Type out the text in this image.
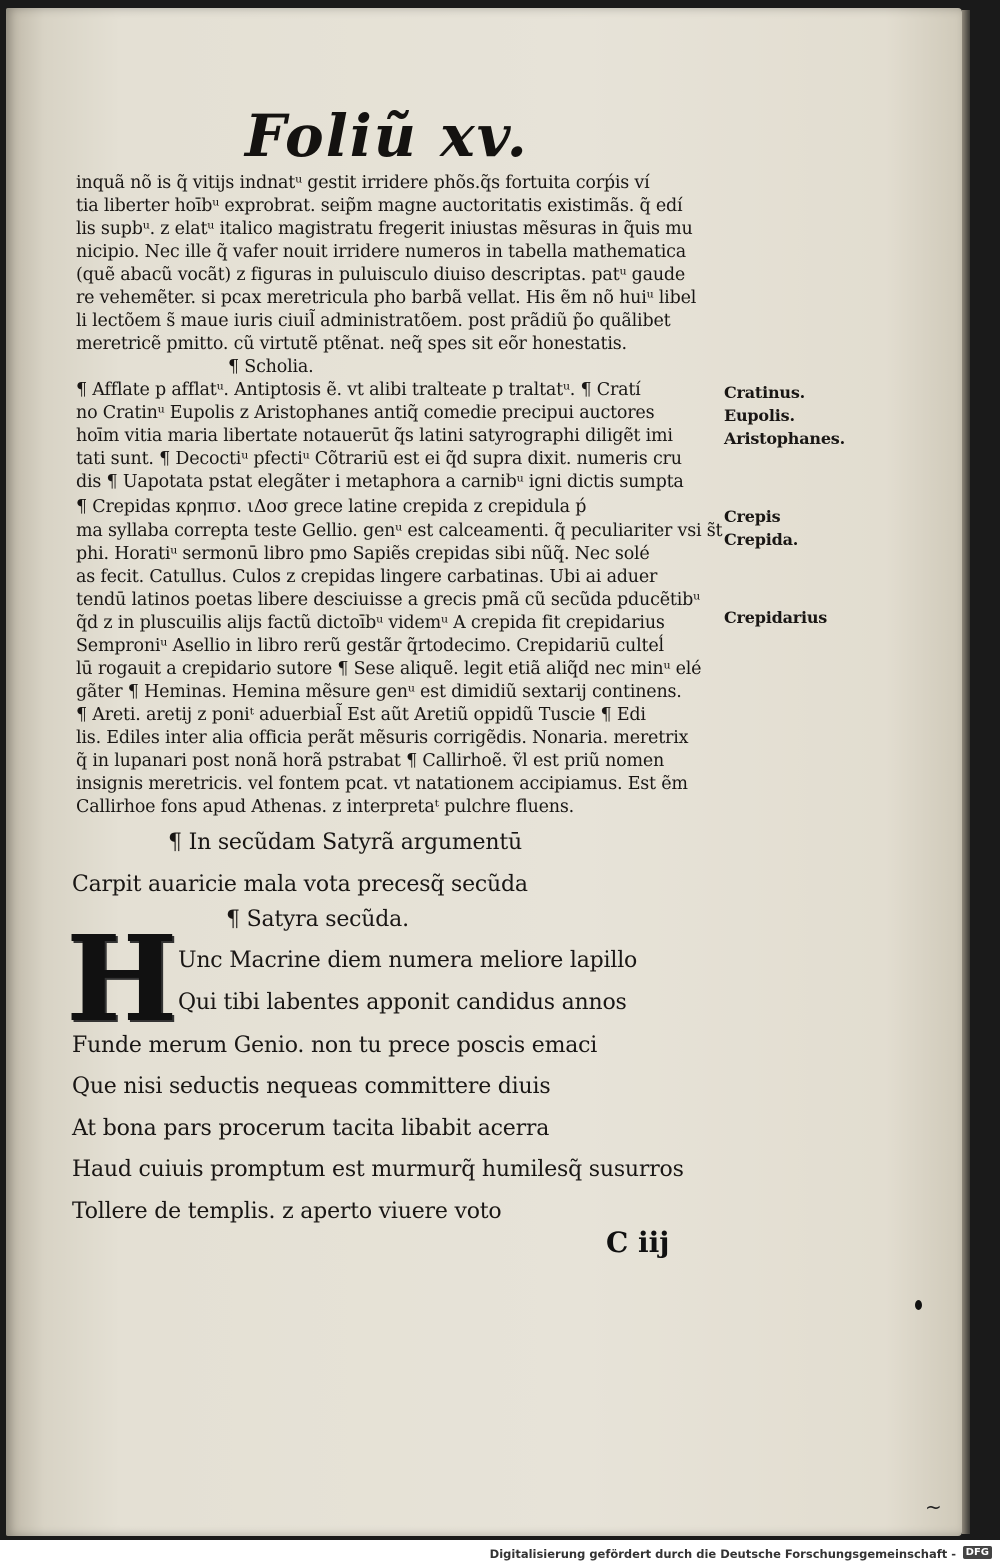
Foliũ xv.
inquã nõ is q̃ vitijs indnatᵘ gestit irridere phõs.q̃s fortuita corṕis ví
tia liberter hoībᵘ exprobrat. seip̃m magne auctoritatis existimãs. q̃ edí
lis supbᵘ. z elatᵘ italico magistratu fregerit iniustas mẽsuras in q̃uis mu
nicipio. Nec ille q̃ vafer nouit irridere numeros in tabella mathematica
(quẽ abacũ vocãt) z figuras in puluisculo diuiso descriptas. patᵘ gaude
re vehemẽter. si pcax meretricula pho barbã vellat. His ẽm nõ huiᵘ libel
li lectõem s̃ maue iuris ciuil̃ administratõem. post prãdiũ p̃o quãlibet
meretricẽ pmitto. cũ virtutẽ ptẽnat. neq̃ spes sit eõr honestatis.
¶ Scholia.
¶ Afflate p afflatᵘ. Antiptosis ẽ. vt alibi tralteate p traltatᵘ. ¶ Cratí
no Cratinᵘ Eupolis z Aristophanes antiq̃ comedie precipui auctores
hoīm vitia maria libertate notauerūt q̃s latini satyrographi diligẽt imi
tati sunt. ¶ Decoctiᵘ pfectiᵘ Cõtrariū est ei q̃d supra dixit. numeris cru
dis ¶ Uapotata pstat elegãter i metaphora a carnibᵘ igni dictis sumpta
¶ Crepidas κρηπισ. ιΔοσ grece latine crepida z crepidula ṕ
ma syllaba correpta teste Gellio. genᵘ est calceamenti. q̃ peculiariter vsi s̃t
phi. Horatiᵘ sermonū libro pmo Sapiẽs crepidas sibi nũq̃. Nec solé
as fecit. Catullus. Culos z crepidas lingere carbatinas. Ubi ai aduer
tendū latinos poetas libere desciuisse a grecis pmã cũ secũda pducẽtibᵘ
q̃d z in pluscuilis alijs factũ dictoībᵘ videmᵘ A crepida fit crepidarius
Semproniᵘ Asellio in libro rerũ gestãr q̃rtodecimo. Crepidariū culteĺ
lū rogauit a crepidario sutore ¶ Sese aliquẽ. legit etiã aliq̃d nec minᵘ elé
gãter ¶ Heminas. Hemina mẽsure genᵘ est dimidiũ sextarij continens.
¶ Areti. aretij z poniᵗ aduerbial̃ Est aũt Aretiũ oppidũ Tuscie ¶ Edi
lis. Ediles inter alia officia perãt mẽsuris corrigẽdis. Nonaria. meretrix
q̃ in lupanari post nonã horã pstrabat ¶ Callirhoẽ. ṽl est priũ nomen
insignis meretricis. vel fontem pcat. vt natationem accipiamus. Est ẽm
Callirhoe fons apud Athenas. z interpretaᵗ pulchre fluens.
Cratinus.
Eupolis.
Aristophanes.
Crepis
Crepida.
Crepidarius
¶ In secũdam Satyrã argumentū
Carpit auaricie mala vota precesq̃ secũda
¶ Satyra secũda.
H Unc Macrine diem numera meliore lapillo
Qui tibi labentes apponit candidus annos
Funde merum Genio. non tu prece poscis emaci
Que nisi seductis nequeas committere diuis
At bona pars procerum tacita libabit acerra
Haud cuiuis promptum est murmurq̃ humilesq̃ susurros
Tollere de templis. z aperto viuere voto
C iij
~
Digitalisierung gefördert durch die Deutsche Forschungsgemeinschaft - DFG
